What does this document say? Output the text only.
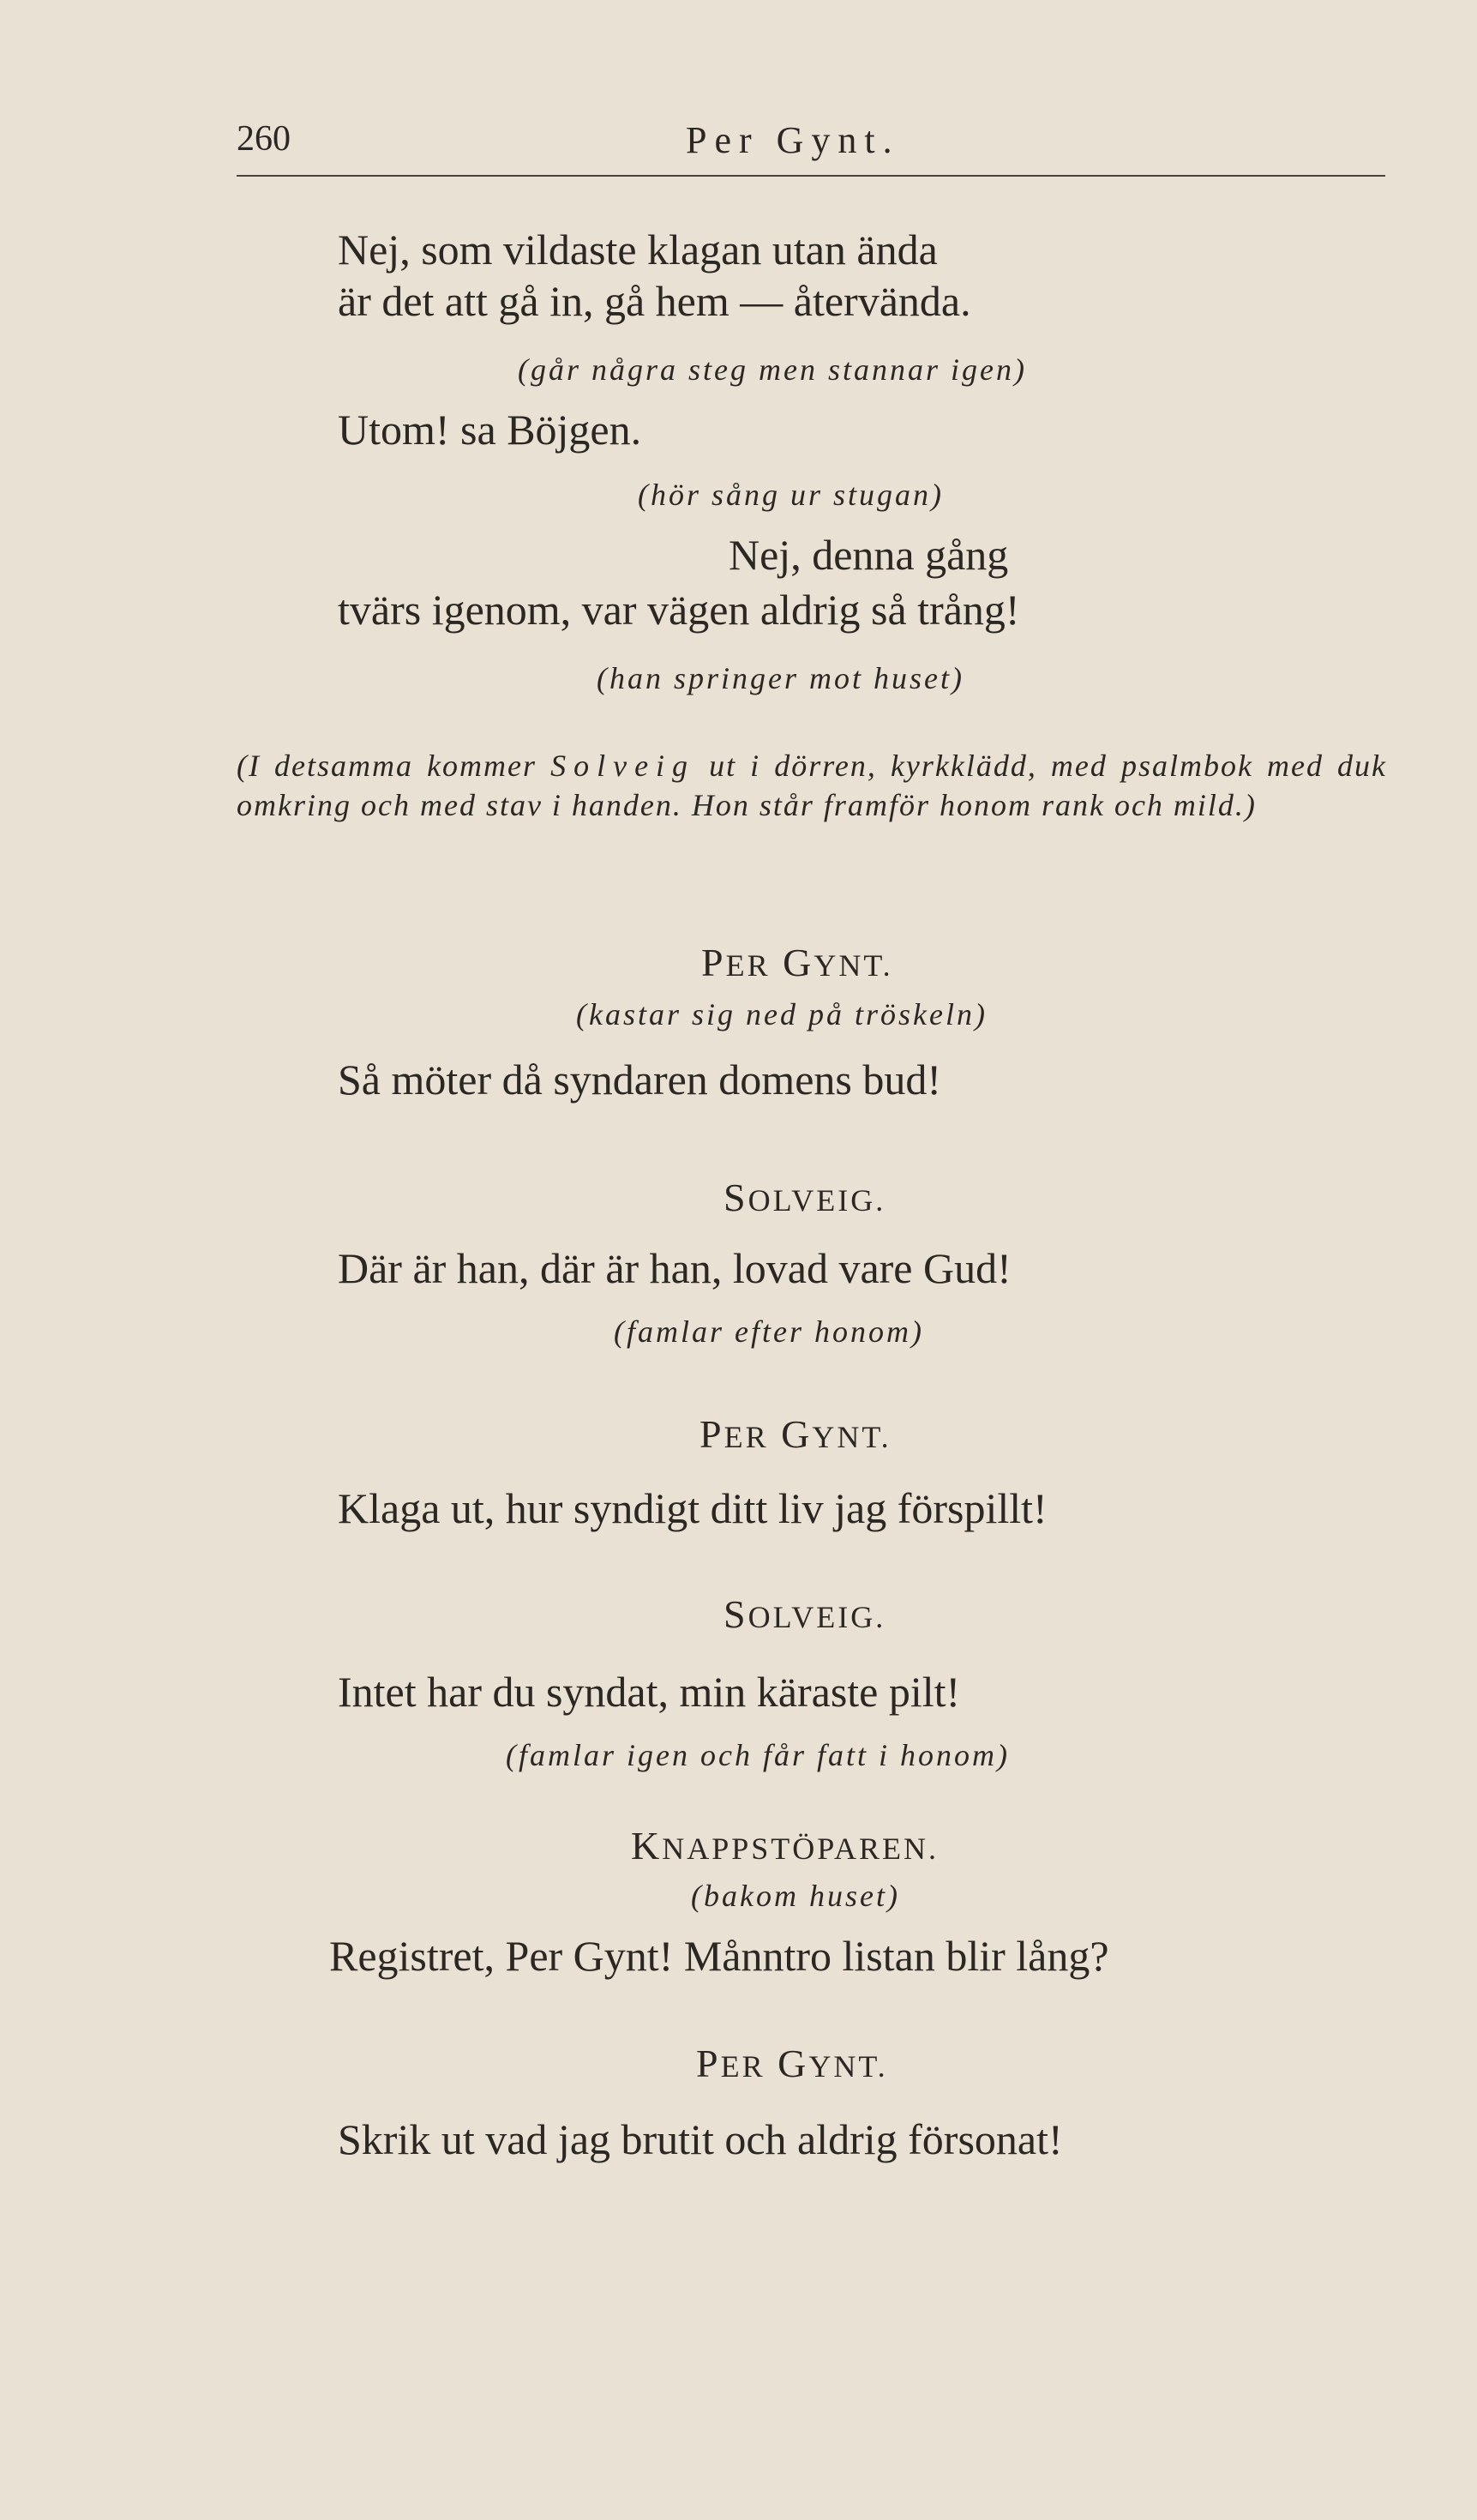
260	Per Gynt.
Nej, som vildaste klagan utan ända
är det att gå in, gå hem — återvända.
(går några steg men stannar igen)
Utom! sa Böjgen.
(hör sång ur stugan)
Nej, denna gång
tvärs igenom, var vägen aldrig så trång!
(han springer mot huset)
(I detsamma kommer Solveig ut i dörren, kyrkklädd, med psalmbok med duk omkring och med stav i handen. Hon står framför honom rank och mild.)
PER GYNT.
(kastar sig ned på tröskeln)
Så möter då syndaren domens bud!
SOLVEIG.
Där är han, där är han, lovad vare Gud!
(famlar efter honom)
PER GYNT.
Klaga ut, hur syndigt ditt liv jag förspillt!
SOLVEIG.
Intet har du syndat, min käraste pilt!
(famlar igen och får fatt i honom)
KNAPPSTÖPAREN.
(bakom huset)
Registret, Per Gynt! Månntro listan blir lång?
PER GYNT.
Skrik ut vad jag brutit och aldrig försonat!
